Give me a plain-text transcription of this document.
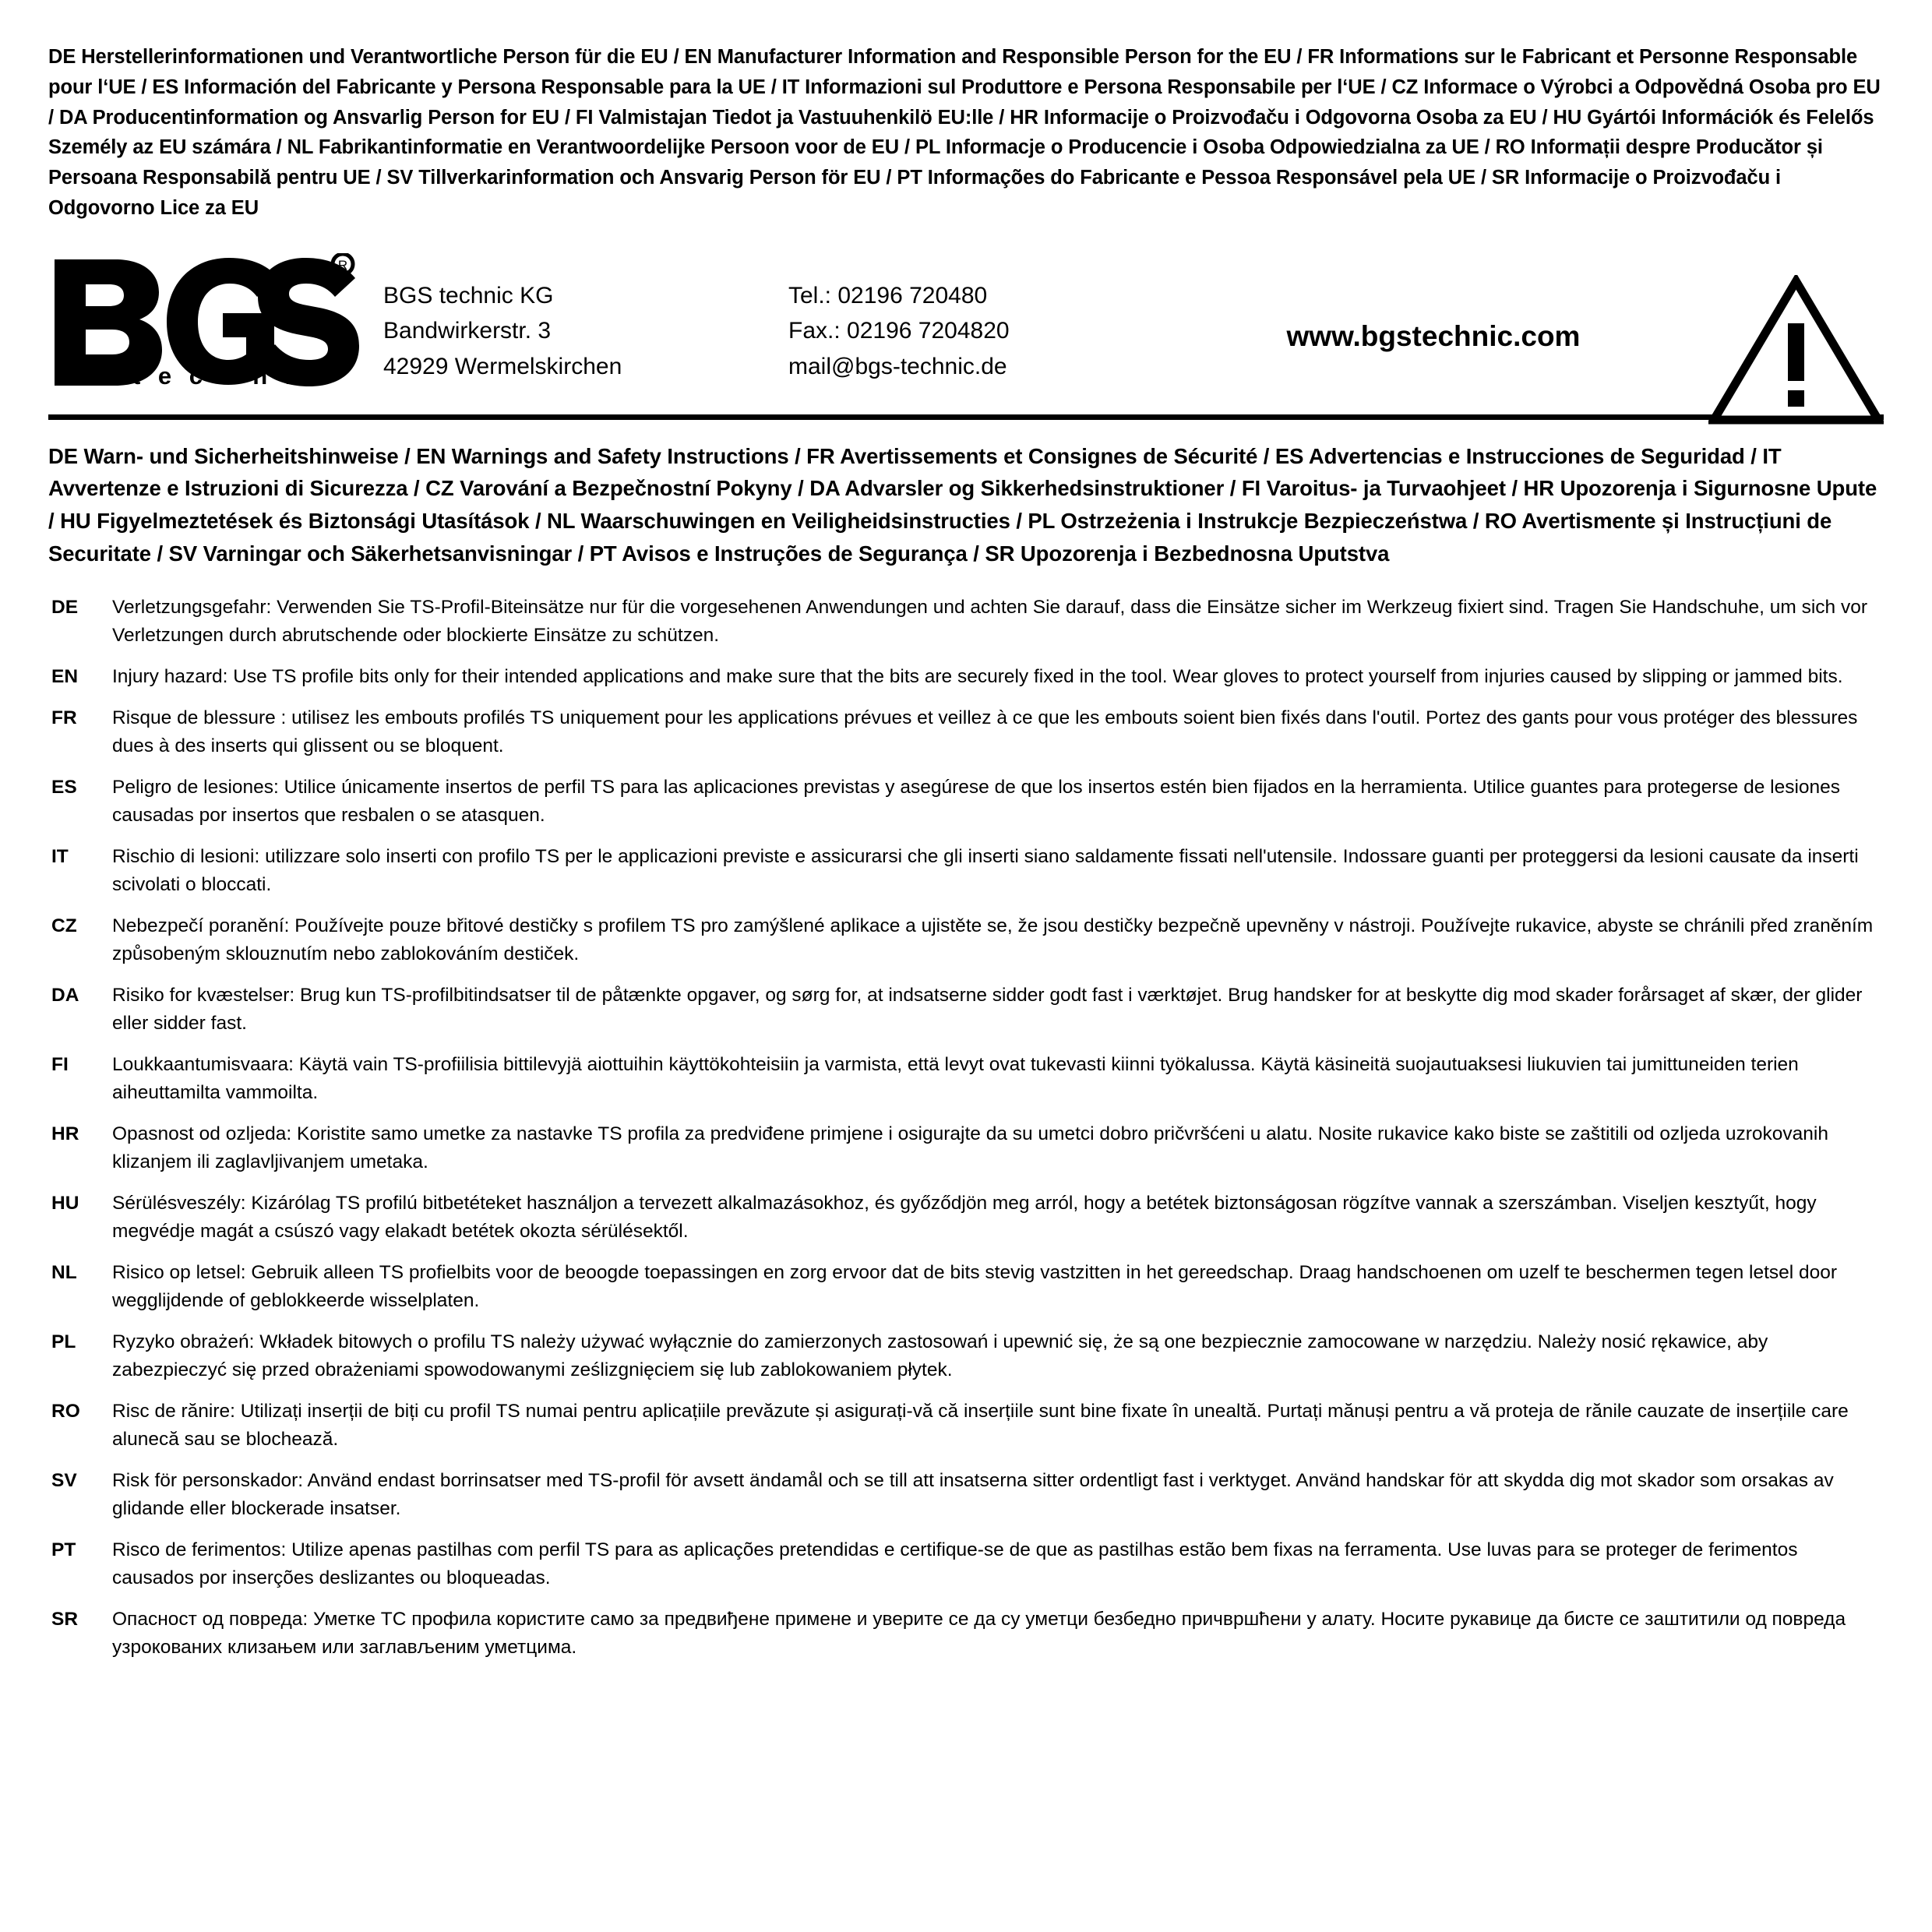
DE Herstellerinformationen und Verantwortliche Person für die EU / EN Manufacturer Information and Responsible Person for the EU / FR Informations sur le Fabricant et Personne Responsable pour l‘UE / ES Información del Fabricante y Persona Responsable para la UE / IT Informazioni sul Produttore e Persona Responsabile per l‘UE / CZ Informace o Výrobci a Odpovědná Osoba pro EU / DA Producentinformation og Ansvarlig Person for EU / FI Valmistajan Tiedot ja Vastuuhenkilö EU:lle / HR Informacije o Proizvođaču i Odgovorna Osoba za EU / HU Gyártói Információk és Felelős Személy az EU számára / NL Fabrikantinformatie en Verantwoordelijke Persoon voor de EU / PL Informacje o Producencie i Osoba Odpowiedzialna za UE / RO Informații despre Producător și Persoana Responsabilă pentru UE / SV Tillverkarinformation och Ansvarig Person för EU / PT Informações do Fabricante e Pessoa Responsável pela UE / SR Informacije o Proizvođaču i Odgovorno Lice za EU
R
t e c h n i c
BGS technic KG
Bandwirkerstr. 3
42929 Wermelskirchen
Tel.: 02196 720480
Fax.: 02196 7204820
mail@bgs-technic.de
www.bgstechnic.com
DE Warn- und Sicherheitshinweise / EN Warnings and Safety Instructions / FR Avertissements et Consignes de Sécurité / ES Advertencias e Instrucciones de Seguridad / IT Avvertenze e Istruzioni di Sicurezza / CZ Varování a Bezpečnostní Pokyny / DA Advarsler og Sikkerhedsinstruktioner / FI Varoitus- ja Turvaohjeet / HR Upozorenja i Sigurnosne Upute / HU Figyelmeztetések és Biztonsági Utasítások / NL Waarschuwingen en Veiligheidsinstructies / PL Ostrzeżenia i Instrukcje Bezpieczeństwa / RO Avertismente și Instrucțiuni de Securitate / SV Varningar och Säkerhetsanvisningar / PT Avisos e Instruções de Segurança / SR Upozorenja i Bezbednosna Uputstva
DE	Verletzungsgefahr: Verwenden Sie TS-Profil-Biteinsätze nur für die vorgesehenen Anwendungen und achten Sie darauf, dass die Einsätze sicher im Werkzeug fixiert sind. Tragen Sie Handschuhe, um sich vor Verletzungen durch abrutschende oder blockierte Einsätze zu schützen.
EN	Injury hazard: Use TS profile bits only for their intended applications and make sure that the bits are securely fixed in the tool. Wear gloves to protect yourself from injuries caused by slipping or jammed bits.
FR	Risque de blessure : utilisez les embouts profilés TS uniquement pour les applications prévues et veillez à ce que les embouts soient bien fixés dans l'outil. Portez des gants pour vous protéger des blessures dues à des inserts qui glissent ou se bloquent.
ES	Peligro de lesiones: Utilice únicamente insertos de perfil TS para las aplicaciones previstas y asegúrese de que los insertos estén bien fijados en la herramienta. Utilice guantes para protegerse de lesiones causadas por insertos que resbalen o se atasquen.
IT	Rischio di lesioni: utilizzare solo inserti con profilo TS per le applicazioni previste e assicurarsi che gli inserti siano saldamente fissati nell'utensile. Indossare guanti per proteggersi da lesioni causate da inserti scivolati o bloccati.
CZ	Nebezpečí poranění: Používejte pouze břitové destičky s profilem TS pro zamýšlené aplikace a ujistěte se, že jsou destičky bezpečně upevněny v nástroji. Používejte rukavice, abyste se chránili před zraněním způsobeným sklouznutím nebo zablokováním destiček.
DA	Risiko for kvæstelser: Brug kun TS-profilbitindsatser til de påtænkte opgaver, og sørg for, at indsatserne sidder godt fast i værktøjet. Brug handsker for at beskytte dig mod skader forårsaget af skær, der glider eller sidder fast.
FI	Loukkaantumisvaara: Käytä vain TS-profiilisia bittilevyjä aiottuihin käyttökohteisiin ja varmista, että levyt ovat tukevasti kiinni työkalussa. Käytä käsineitä suojautuaksesi liukuvien tai jumittuneiden terien aiheuttamilta vammoilta.
HR	Opasnost od ozljeda: Koristite samo umetke za nastavke TS profila za predviđene primjene i osigurajte da su umetci dobro pričvršćeni u alatu. Nosite rukavice kako biste se zaštitili od ozljeda uzrokovanih klizanjem ili zaglavljivanjem umetaka.
HU	Sérülésveszély: Kizárólag TS profilú bitbetéteket használjon a tervezett alkalmazásokhoz, és győződjön meg arról, hogy a betétek biztonságosan rögzítve vannak a szerszámban. Viseljen kesztyűt, hogy megvédje magát a csúszó vagy elakadt betétek okozta sérülésektől.
NL	Risico op letsel: Gebruik alleen TS profielbits voor de beoogde toepassingen en zorg ervoor dat de bits stevig vastzitten in het gereedschap. Draag handschoenen om uzelf te beschermen tegen letsel door wegglijdende of geblokkeerde wisselplaten.
PL	Ryzyko obrażeń: Wkładek bitowych o profilu TS należy używać wyłącznie do zamierzonych zastosowań i upewnić się, że są one bezpiecznie zamocowane w narzędziu. Należy nosić rękawice, aby zabezpieczyć się przed obrażeniami spowodowanymi ześlizgnięciem się lub zablokowaniem płytek.
RO	Risc de rănire: Utilizați inserții de biți cu profil TS numai pentru aplicațiile prevăzute și asigurați-vă că inserțiile sunt bine fixate în unealtă. Purtați mănuși pentru a vă proteja de rănile cauzate de inserțiile care alunecă sau se blochează.
SV	Risk för personskador: Använd endast borrinsatser med TS-profil för avsett ändamål och se till att insatserna sitter ordentligt fast i verktyget. Använd handskar för att skydda dig mot skador som orsakas av glidande eller blockerade insatser.
PT	Risco de ferimentos: Utilize apenas pastilhas com perfil TS para as aplicações pretendidas e certifique-se de que as pastilhas estão bem fixas na ferramenta. Use luvas para se proteger de ferimentos causados por inserções deslizantes ou bloqueadas.
SR	Опасност од повреда: Уметке ТС профила користите само за предвиђене примене и уверите се да су уметци безбедно причвршћени у алату. Носите рукавице да бисте се заштитили од повреда узрокованих клизањем или заглављеним уметцима.
